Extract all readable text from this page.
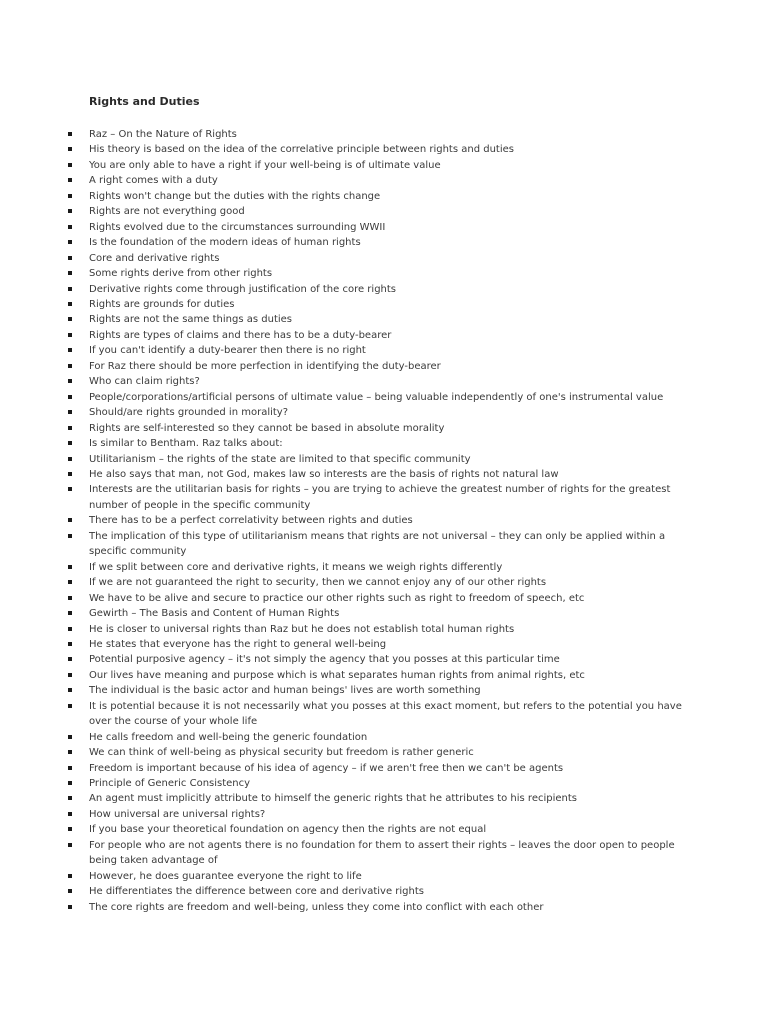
Rights and Duties
Raz – On the Nature of Rights
His theory is based on the idea of the correlative principle between rights and duties
You are only able to have a right if your well-being is of ultimate value
A right comes with a duty
Rights won't change but the duties with the rights change
Rights are not everything good
Rights evolved due to the circumstances surrounding WWII
Is the foundation of the modern ideas of human rights
Core and derivative rights
Some rights derive from other rights
Derivative rights come through justification of the core rights
Rights are grounds for duties
Rights are not the same things as duties
Rights are types of claims and there has to be a duty-bearer
If you can't identify a duty-bearer then there is no right
For Raz there should be more perfection in identifying the duty-bearer
Who can claim rights?
People/corporations/artificial persons of ultimate value – being valuable independently of one's instrumental value
Should/are rights grounded in morality?
Rights are self-interested so they cannot be based in absolute morality
Is similar to Bentham. Raz talks about:
Utilitarianism – the rights of the state are limited to that specific community
He also says that man, not God, makes law so interests are the basis of rights not natural law
Interests are the utilitarian basis for rights – you are trying to achieve the greatest number of rights for the greatest number of people in the specific community
There has to be a perfect correlativity between rights and duties
The implication of this type of utilitarianism means that rights are not universal – they can only be applied within a specific community
If we split between core and derivative rights, it means we weigh rights differently
If we are not guaranteed the right to security, then we cannot enjoy any of our other rights
We have to be alive and secure to practice our other rights such as right to freedom of speech, etc
Gewirth – The Basis and Content of Human Rights
He is closer to universal rights than Raz but he does not establish total human rights
He states that everyone has the right to general well-being
Potential purposive agency – it's not simply the agency that you posses at this particular time
Our lives have meaning and purpose which is what separates human rights from animal rights, etc
The individual is the basic actor and human beings' lives are worth something
It is potential because it is not necessarily what you posses at this exact moment, but refers to the potential you have over the course of your whole life
He calls freedom and well-being the generic foundation
We can think of well-being as physical security but freedom is rather generic
Freedom is important because of his idea of agency – if we aren't free then we can't be agents
Principle of Generic Consistency
An agent must implicitly attribute to himself the generic rights that he attributes to his recipients
How universal are universal rights?
If you base your theoretical foundation on agency then the rights are not equal
For people who are not agents there is no foundation for them to assert their rights – leaves the door open to people being taken advantage of
However, he does guarantee everyone the right to life
He differentiates the difference between core and derivative rights
The core rights are freedom and well-being, unless they come into conflict with each other
